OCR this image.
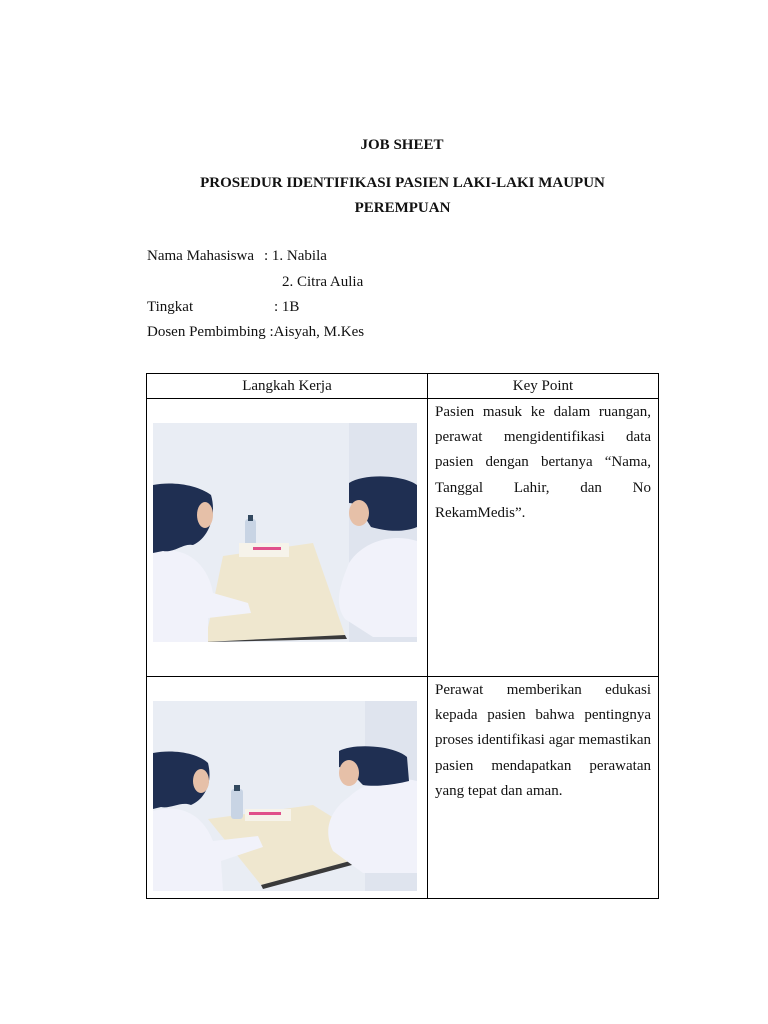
JOB SHEET
PROSEDUR IDENTIFIKASI PASIEN LAKI-LAKI MAUPUN PEREMPUAN
Nama Mahasiswa : 1. Nabila
2. Citra Aulia
Tingkat	: 1B
Dosen Pembimbing :Aisyah, M.Kes
Langkah Kerja	Key Point

Pasien masuk ke dalam ruangan, perawat mengidentifikasi data pasien dengan bertanya “Nama, Tanggal Lahir, dan No RekamMedis”.

Perawat memberikan edukasi kepada pasien bahwa pentingnya proses identifikasi agar memastikan pasien mendapatkan perawatan yang tepat dan aman.
